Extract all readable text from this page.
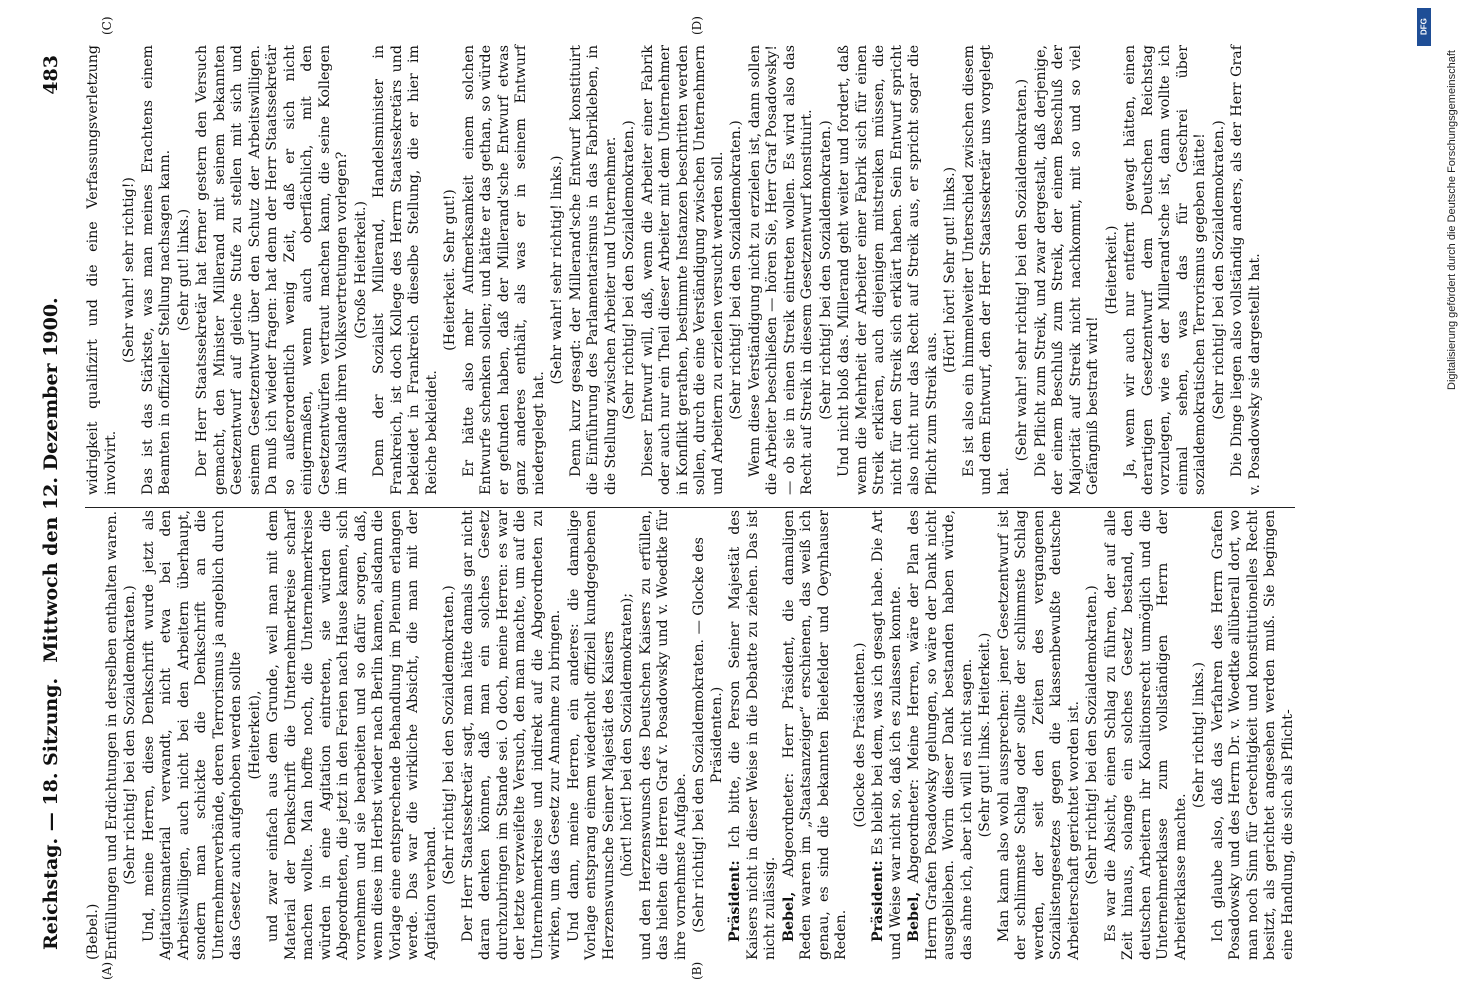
Reichstag. — 18. Sitzung.
Mittwoch den 12. Dezember 1900.
483
(A)	(B)
(C)	(D)

(Bebel.) Entfüllungen und Erdichtungen in derselben enthalten waren. (Sehr richtig! bei den Sozialdemokraten.) Und, meine Herren, diese Denkschrift wurde jetzt als Agitationsmaterial verwandt, nicht etwa bei den Arbeitswilligen, auch nicht bei den Arbeitern überhaupt, sondern man schickte die Denkschrift an die Unternehmerverbände, deren Terrorismus ja angeblich durch das Gesetz auch aufgehoben werden sollte (Heiterkeit), und zwar einfach aus dem Grunde, weil man mit dem Material der Denkschrift die Unternehmerkreise scharf machen wollte. Man hoffte noch, die Unternehmerkreise würden in eine Agitation eintreten, sie würden die Abgeordneten, die jetzt in den Ferien nach Hause kamen, sich vornehmen und sie bearbeiten und so dafür sorgen, daß, wenn diese im Herbst wieder nach Berlin kamen, alsdann die Vorlage eine entsprechende Behandlung im Plenum erlangen werde. Das war die wirkliche Absicht, die man mit der Agitation verband.

(Sehr richtig! bei den Sozialdemokraten.) Der Herr Staatssekretär sagt, man hätte damals gar nicht daran denken können, daß man ein solches Gesetz durchzubringen im Stande sei. O doch, meine Herren: es war der letzte verzweifelte Versuch, den man machte, um auf die Unternehmerkreise und indirekt auf die Abgeordneten zu wirken, um das Gesetz zur Annahme zu bringen. Und dann, meine Herren, ein anderes: die damalige Vorlage entsprang einem wiederholt offiziell kundgegebenen Herzenswunsche Seiner Majestät des Kaisers (hört! hört! bei den Sozialdemokraten); und den Herzenswunsch des Deutschen Kaisers zu erfüllen, das hielten die Herren Graf v. Posadowsky und v. Woedtke für ihre vornehmste Aufgabe. (Sehr richtig! bei den Sozialdemokraten. — Glocke des Präsidenten.)

Präsident: Ich bitte, die Person Seiner Majestät des Kaisers nicht in dieser Weise in die Debatte zu ziehen. Das ist nicht zulässig. Bebel, Abgeordneter: Herr Präsident, die damaligen Reden waren im „Staatsanzeiger“ erschienen, das weiß ich genau, es sind die bekannten Bielefelder und Oeynhauser Reden.

(Glocke des Präsidenten.)

Präsident: Es bleibt bei dem, was ich gesagt habe. Die Art und Weise war nicht so, daß ich es zulassen konnte. Bebel, Abgeordneter: Meine Herren, wäre der Plan des Herrn Grafen Posadowsky gelungen, so wäre der Dank nicht ausgeblieben. Worin dieser Dank bestanden haben würde, das ahne ich, aber ich will es nicht sagen. (Sehr gut! links. Heiterkeit.) Man kann also wohl aussprechen: jener Gesetzentwurf ist der schlimmste Schlag oder sollte der schlimmste Schlag werden, der seit den Zeiten des vergangenen Sozialistengesetzes gegen die klassenbewußte deutsche Arbeiterschaft gerichtet worden ist. (Sehr richtig! bei den Sozialdemokraten.) Es war die Absicht, einen Schlag zu führen, der auf alle Zeit hinaus, solange ein solches Gesetz bestand, den deutschen Arbeitern ihr Koalitionsrecht unmöglich und die Unternehmerklasse zum vollständigen Herrn der Arbeiterklasse machte.

(Sehr richtig! links.) Ich glaube also, daß das Verfahren des Herrn Grafen Posadowsky und des Herrn Dr. v. Woedtke allüberall dort, wo man noch Sinn für Gerechtigkeit und konstitutionelles Recht besitzt, als gerichtet angesehen werden muß. Sie begingen eine Handlung, die sich als Pflicht-

widrigkeit qualifizirt und die eine Verfassungsverletzung involvirt.

(Sehr wahr! sehr richtig!) Das ist das Stärkste, was man meines Erachtens einem Beamten in offizieller Stellung nachsagen kann. (Sehr gut! links.) Der Herr Staatssekretär hat ferner gestern den Versuch gemacht, den Minister Millerand mit seinem bekannten Gesetzentwurf auf gleiche Stufe zu stellen mit sich und seinem Gesetzentwurf über den Schutz der Arbeitswilligen. Da muß ich wieder fragen: hat denn der Herr Staatssekretär so außerordentlich wenig Zeit, daß er sich nicht einigermaßen, wenn auch oberflächlich, mit den Gesetzentwürfen vertraut machen kann, die seine Kollegen im Auslande ihren Volksvertretungen vorlegen? (Große Heiterkeit.) Denn der Sozialist Millerand, Handelsminister in Frankreich, ist doch Kollege des Herrn Staatssekretärs und bekleidet in Frankreich dieselbe Stellung, die er hier im Reiche bekleidet.

(Heiterkeit. Sehr gut!) Er hätte also mehr Aufmerksamkeit einem solchen Entwurfe schenken sollen; und hätte er das gethan, so würde er gefunden haben, daß der Millerand'sche Entwurf etwas ganz anderes enthält, als was er in seinem Entwurf niedergelegt hat.

(Sehr wahr! sehr richtig! links.) Denn kurz gesagt: der Millerand'sche Entwurf konstituirt die Einführung des Parlamentarismus in das Fabrikleben, in die Stellung zwischen Arbeiter und Unternehmer. (Sehr richtig! bei den Sozialdemokraten.) Dieser Entwurf will, daß, wenn die Arbeiter einer Fabrik oder auch nur ein Theil dieser Arbeiter mit dem Unternehmer in Konflikt gerathen, bestimmte Instanzen beschritten werden sollen, durch die eine Verständigung zwischen Unternehmern und Arbeitern zu erzielen versucht werden soll. (Sehr richtig! bei den Sozialdemokraten.) Wenn diese Verständigung nicht zu erzielen ist, dann sollen die Arbeiter beschließen — hören Sie, Herr Graf Posadowsky! — ob sie in einen Streik eintreten wollen. Es wird also das Recht auf Streik in diesem Gesetzentwurf konstituirt. (Sehr richtig! bei den Sozialdemokraten.) Und nicht bloß das. Millerand geht weiter und fordert, daß wenn die Mehrheit der Arbeiter einer Fabrik sich für einen Streik erklären, auch diejenigen mitstreiken müssen, die nicht für den Streik sich erklärt haben. Sein Entwurf spricht also nicht nur das Recht auf Streik aus, er spricht sogar die Pflicht zum Streik aus.

(Hört! hört! Sehr gut! links.) Es ist also ein himmelweiter Unterschied zwischen diesem und dem Entwurf, den der Herr Staatssekretär uns vorgelegt hat.

(Sehr wahr! sehr richtig! bei den Sozialdemokraten.) Die Pflicht zum Streik, und zwar dergestalt, daß derjenige, der einem Beschluß zum Streik, der einem Beschluß der Majorität auf Streik nicht nachkommt, mit so und so viel Gefängniß bestraft wird!

(Heiterkeit.) Ja, wenn wir auch nur entfernt gewagt hätten, einen derartigen Gesetzentwurf dem Deutschen Reichstag vorzulegen, wie es der Millerand'sche ist, dann wollte ich einmal sehen, was das für Geschrei über sozialdemokratischen Terrorismus gegeben hätte! (Sehr richtig! bei den Sozialdemokraten.) Die Dinge liegen also vollständig anders, als der Herr Graf v. Posadowsky sie dargestellt hat.	Digitalisierung gefördert durch die Deutsche Forschungsgemeinschaft
DFG
